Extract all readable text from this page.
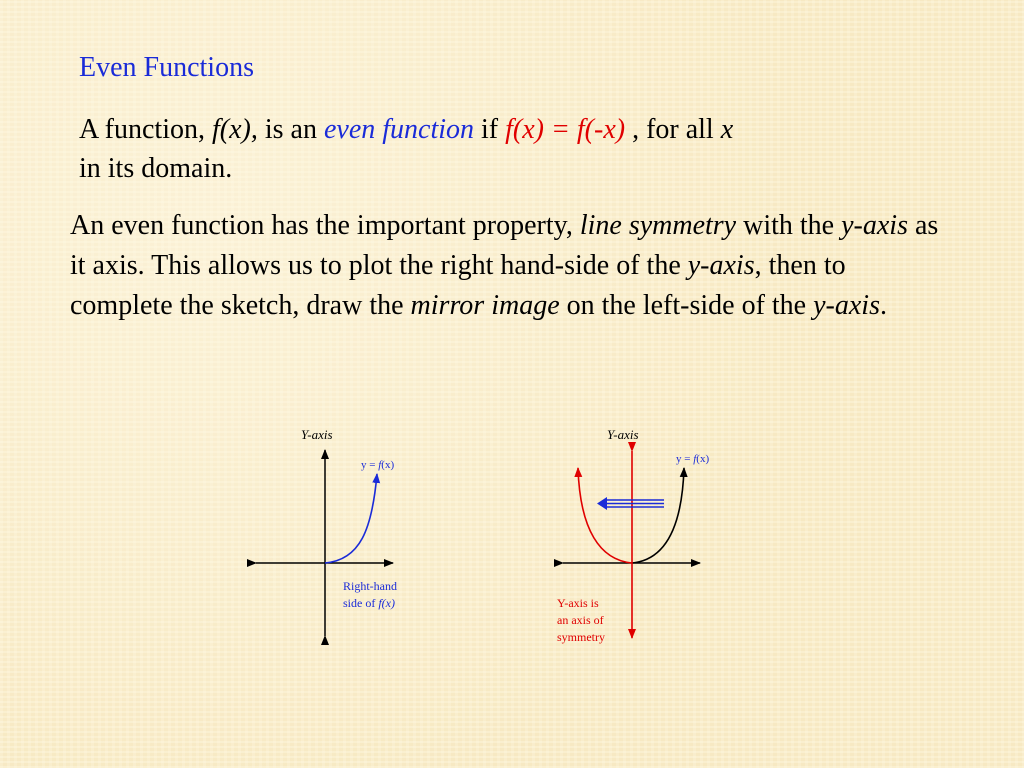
Even Functions
A function, f(x), is an even function if f(x) = f(-x) , for all x
in its domain.
An even function has the important property, line symmetry with the y-axis as it axis. This allows us to plot the right hand-side of the y-axis, then to complete the sketch, draw the mirror image on the left-side of the y-axis.
Y-axis
y = f(x)
Right-hand
side of f(x)
Y-axis
y = f(x)
Y-axis is
an axis of
symmetry
